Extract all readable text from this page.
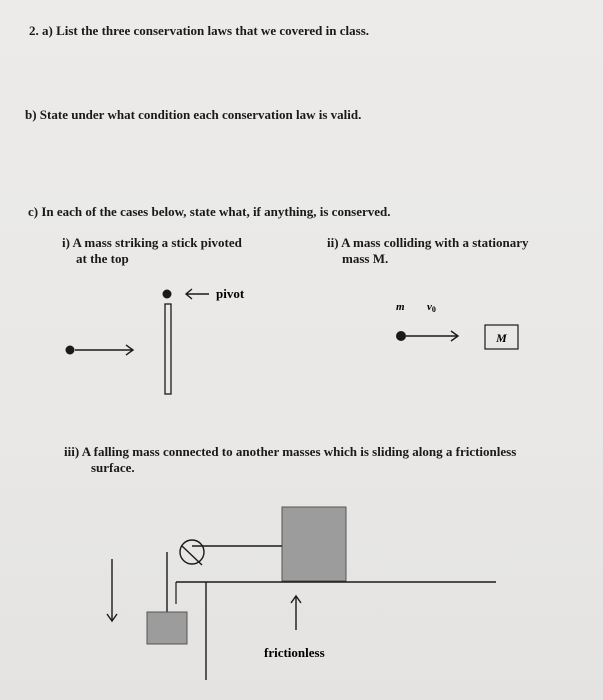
2. a) List the three conservation laws that we covered in class.
b) State under what condition each conservation law is valid.
c) In each of the cases below, state what, if anything, is conserved.
i) A mass striking a stick pivoted
at the top
ii) A mass colliding with a stationary
mass M.
iii) A falling mass connected to another masses which is sliding along a frictionless
surface.
pivot
m v0
M
frictionless
